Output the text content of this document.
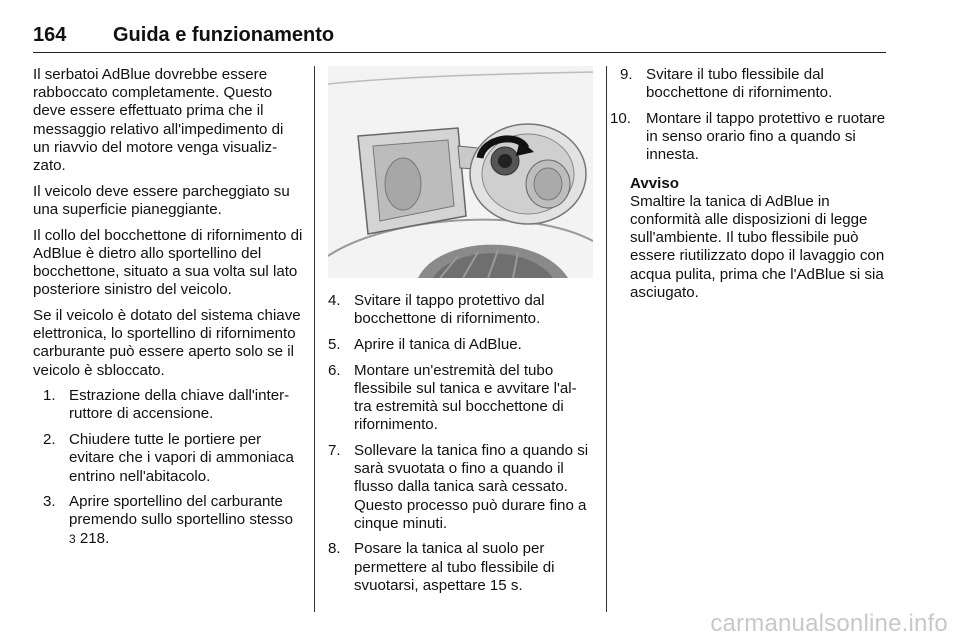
164 Guida e funzionamento

Il serbatoi AdBlue dovrebbe essere rabboccato completamente. Questo deve essere effettuato prima che il messaggio relativo all'impedimento di un riavvio del motore venga visualiz-zato.

Il veicolo deve essere parcheggiato su una superficie pianeggiante.

Il collo del bocchettone di rifornimento di AdBlue è dietro allo sportellino del bocchettone, situato a sua volta sul lato posteriore sinistro del veicolo.

Se il veicolo è dotato del sistema chiave elettronica, lo sportellino di rifornimento carburante può essere aperto solo se il veicolo è sbloccato.

1. Estrazione della chiave dall'inter-ruttore di accensione.
2. Chiudere tutte le portiere per evitare che i vapori di ammoniaca entrino nell'abitacolo.
3. Aprire sportellino del carburante premendo sullo sportellino stesso
3 218.
4. Svitare il tappo protettivo dal bocchettone di rifornimento.
5. Aprire il tanica di AdBlue.
6. Montare un'estremità del tubo flessibile sul tanica e avvitare l'al-tra estremità sul bocchettone di rifornimento.
7. Sollevare la tanica fino a quando si sarà svuotata o fino a quando il flusso dalla tanica sarà cessato. Questo processo può durare fino a cinque minuti.
8. Posare la tanica al suolo per permettere al tubo flessibile di svuotarsi, aspettare 15 s.
9. Svitare il tubo flessibile dal bocchettone di rifornimento.
10. Montare il tappo protettivo e ruotare in senso orario fino a quando si innesta.
Avviso
Smaltire la tanica di AdBlue in conformità alle disposizioni di legge sull'ambiente. Il tubo flessibile può essere riutilizzato dopo il lavaggio con acqua pulita, prima che l'AdBlue si sia asciugato.
carmanualsonline.info
